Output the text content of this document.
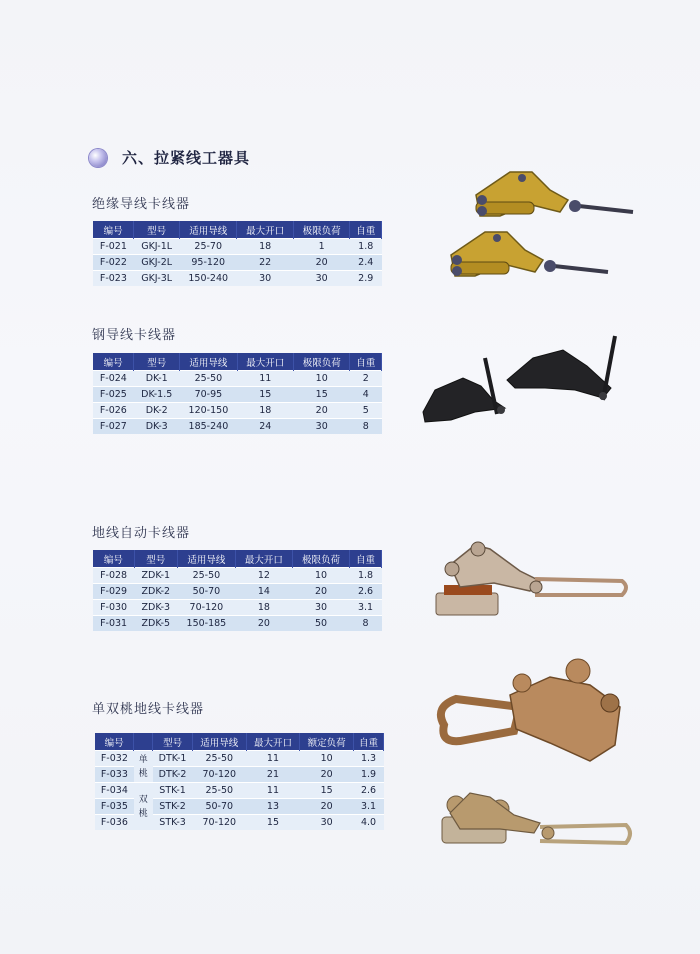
六、拉紧线工器具
绝缘导线卡线器
编号	型号	适用导线	最大开口	极限负荷	自重
F-021	GKJ-1L	25-70	18	1	1.8
F-022	GKJ-2L	95-120	22	20	2.4
F-023	GKJ-3L	150-240	30	30	2.9
钢导线卡线器
编号	型号	适用导线	最大开口	极限负荷	自重
F-024	DK-1	25-50	11	10	2
F-025	DK-1.5	70-95	15	15	4
F-026	DK-2	120-150	18	20	5
F-027	DK-3	185-240	24	30	8
地线自动卡线器
编号	型号	适用导线	最大开口	极限负荷	自重
F-028	ZDK-1	25-50	12	10	1.8
F-029	ZDK-2	50-70	14	20	2.6
F-030	ZDK-3	70-120	18	30	3.1
F-031	ZDK-5	150-185	20	50	8
单双桃地线卡线器
编号		型号	适用导线	最大开口	额定负荷	自重
F-032	单桃	DTK-1	25-50	11	10	1.3
F-033		DTK-2	70-120	21	20	1.9
F-034	双桃	STK-1	25-50	11	15	2.6
F-035		STK-2	50-70	13	20	3.1
F-036		STK-3	70-120	15	30	4.0
